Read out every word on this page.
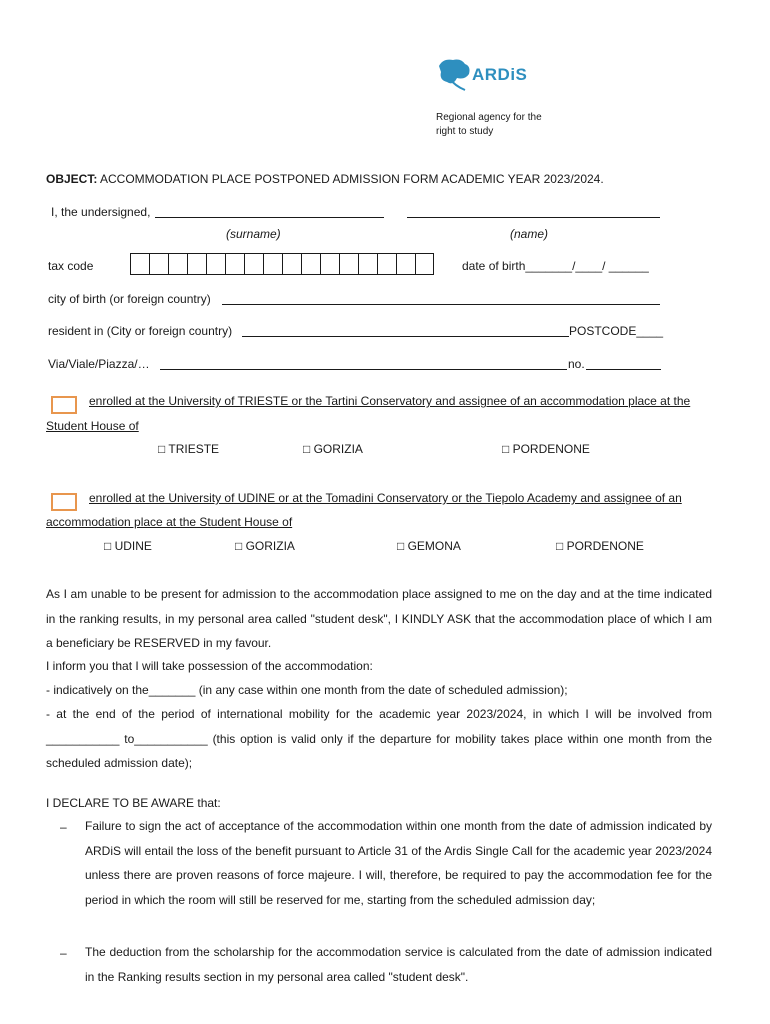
ARDiS
Regional agency for the
right to study
OBJECT: ACCOMMODATION PLACE POSTPONED ADMISSION FORM ACADEMIC YEAR 2023/2024.
I, the undersigned,
(surname)	(name)
tax code	date of birth_______/____/ ______
city of birth (or foreign country)
resident in (City or foreign country)	POSTCODE____
Via/Viale/Piazza/…	no.
enrolled at the University of TRIESTE or the Tartini Conservatory and assignee of an accommodation place at the
Student House of
□ TRIESTE	□ GORIZIA	□ PORDENONE
enrolled at the University of UDINE or at the Tomadini Conservatory or the Tiepolo Academy and assignee of an
accommodation place at the Student House of
□ UDINE	□ GORIZIA	□ GEMONA	□ PORDENONE
As I am unable to be present for admission to the accommodation place assigned to me on the day and at the time indicated in the ranking results, in my personal area called "student desk", I KINDLY ASK that the accommodation place of which I am a beneficiary be RESERVED in my favour.
I inform you that I will take possession of the accommodation:
- indicatively on the_______ (in any case within one month from the date of scheduled admission);
- at the end of the period of international mobility for the academic year 2023/2024, in which I will be involved from ___________ to___________ (this option is valid only if the departure for mobility takes place within one month from the scheduled admission date);
I DECLARE TO BE AWARE that:
– Failure to sign the act of acceptance of the accommodation within one month from the date of admission indicated by ARDiS will entail the loss of the benefit pursuant to Article 31 of the Ardis Single Call for the academic year 2023/2024 unless there are proven reasons of force majeure. I will, therefore, be required to pay the accommodation fee for the period in which the room will still be reserved for me, starting from the scheduled admission day;
– The deduction from the scholarship for the accommodation service is calculated from the date of admission indicated in the Ranking results section in my personal area called "student desk".
